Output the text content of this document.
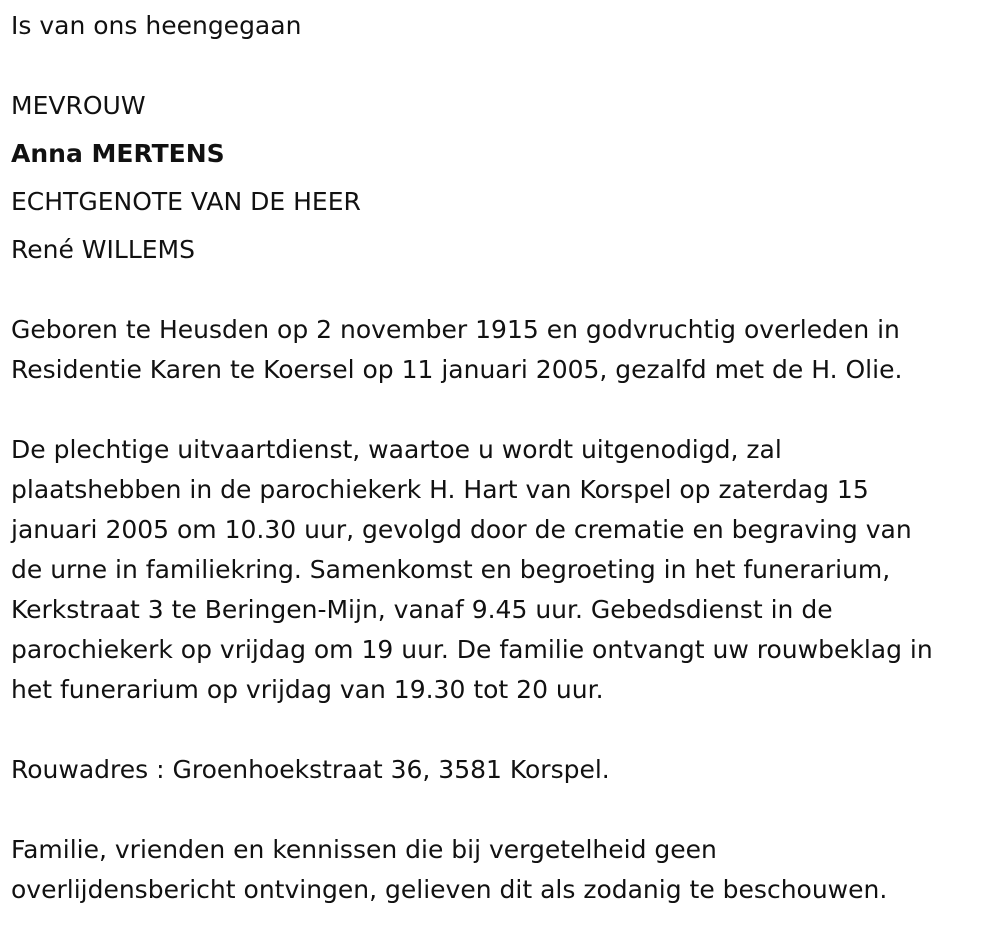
Is van ons heengegaan
MEVROUW
Anna MERTENS
ECHTGENOTE VAN DE HEER
René WILLEMS
Geboren te Heusden op 2 november 1915 en godvruchtig overleden in
Residentie Karen te Koersel op 11 januari 2005, gezalfd met de H. Olie.
De plechtige uitvaartdienst, waartoe u wordt uitgenodigd, zal
plaatshebben in de parochiekerk H. Hart van Korspel op zaterdag 15
januari 2005 om 10.30 uur, gevolgd door de crematie en begraving van
de urne in familiekring. Samenkomst en begroeting in het funerarium,
Kerkstraat 3 te Beringen-Mijn, vanaf 9.45 uur. Gebedsdienst in de
parochiekerk op vrijdag om 19 uur. De familie ontvangt uw rouwbeklag in
het funerarium op vrijdag van 19.30 tot 20 uur.
Rouwadres : Groenhoekstraat 36, 3581 Korspel.
Familie, vrienden en kennissen die bij vergetelheid geen
overlijdensbericht ontvingen, gelieven dit als zodanig te beschouwen.
